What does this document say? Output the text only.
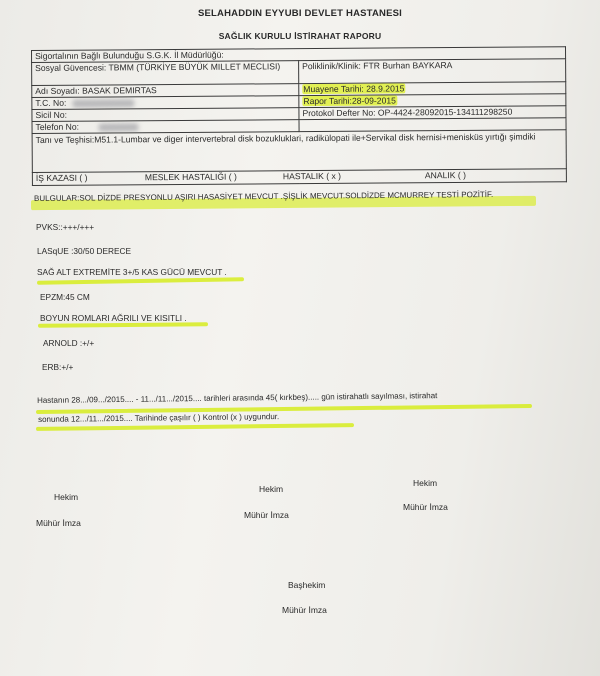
SELAHADDIN EYYUBI DEVLET HASTANESI
SAĞLIK KURULU İSTİRAHAT RAPORU
Sigortalının Bağlı Bulunduğu S.G.K. İl Müdürlüğü:
Sosyal Güvencesi: TBMM (TÜRKİYE BÜYÜK MILLET MECLISI)	Poliklinik/Klinik: FTR Burhan BAYKARA
Adı Soyadı: BASAK DEMIRTAS	Muayene Tarihi: 28.9.2015
T.C. No:	Rapor Tarihi:28-09-2015
Sicil No:	Protokol Defter No: OP-4424-28092015-134111298250
Telefon No:	
Tanı ve Teşhisi:M51.1-Lumbar ve diger intervertebral disk bozukluklari, radikülopati ile+Servikal disk hernisi+menisküs yırtığı şimdiki

İŞ KAZASI ( )	MESLEK HASTALIĞI ( )	HASTALIK ( x )	ANALIK ( )
BULGULAR:SOL DİZDE PRESYONLU AŞIRI HASASİYET MEVCUT .ŞİŞLİK MEVCUT.SOLDİZDE MCMURREY TESTİ POZİTİF.
PVKS::+++/+++
LASqUE :30/50 DERECE
SAĞ ALT EXTREMİTE 3+/5 KAS GÜCÜ MEVCUT .
EPZM:45 CM
BOYUN ROMLARI AĞRILI VE KISITLI .
ARNOLD :+/+
ERB:+/+
Hastanın 28.../09.../2015.... - 11.../11.../2015.... tarihleri arasında 45( kırkbeş)..... gün istirahatlı sayılması, istirahat
sonunda 12.../11.../2015.... Tarihinde çaşılır ( ) Kontrol (x ) uygundur.
Hekim
Mühür İmza
Hekim
Mühür İmza
Hekim
Mühür İmza
Başhekim
Mühür İmza
